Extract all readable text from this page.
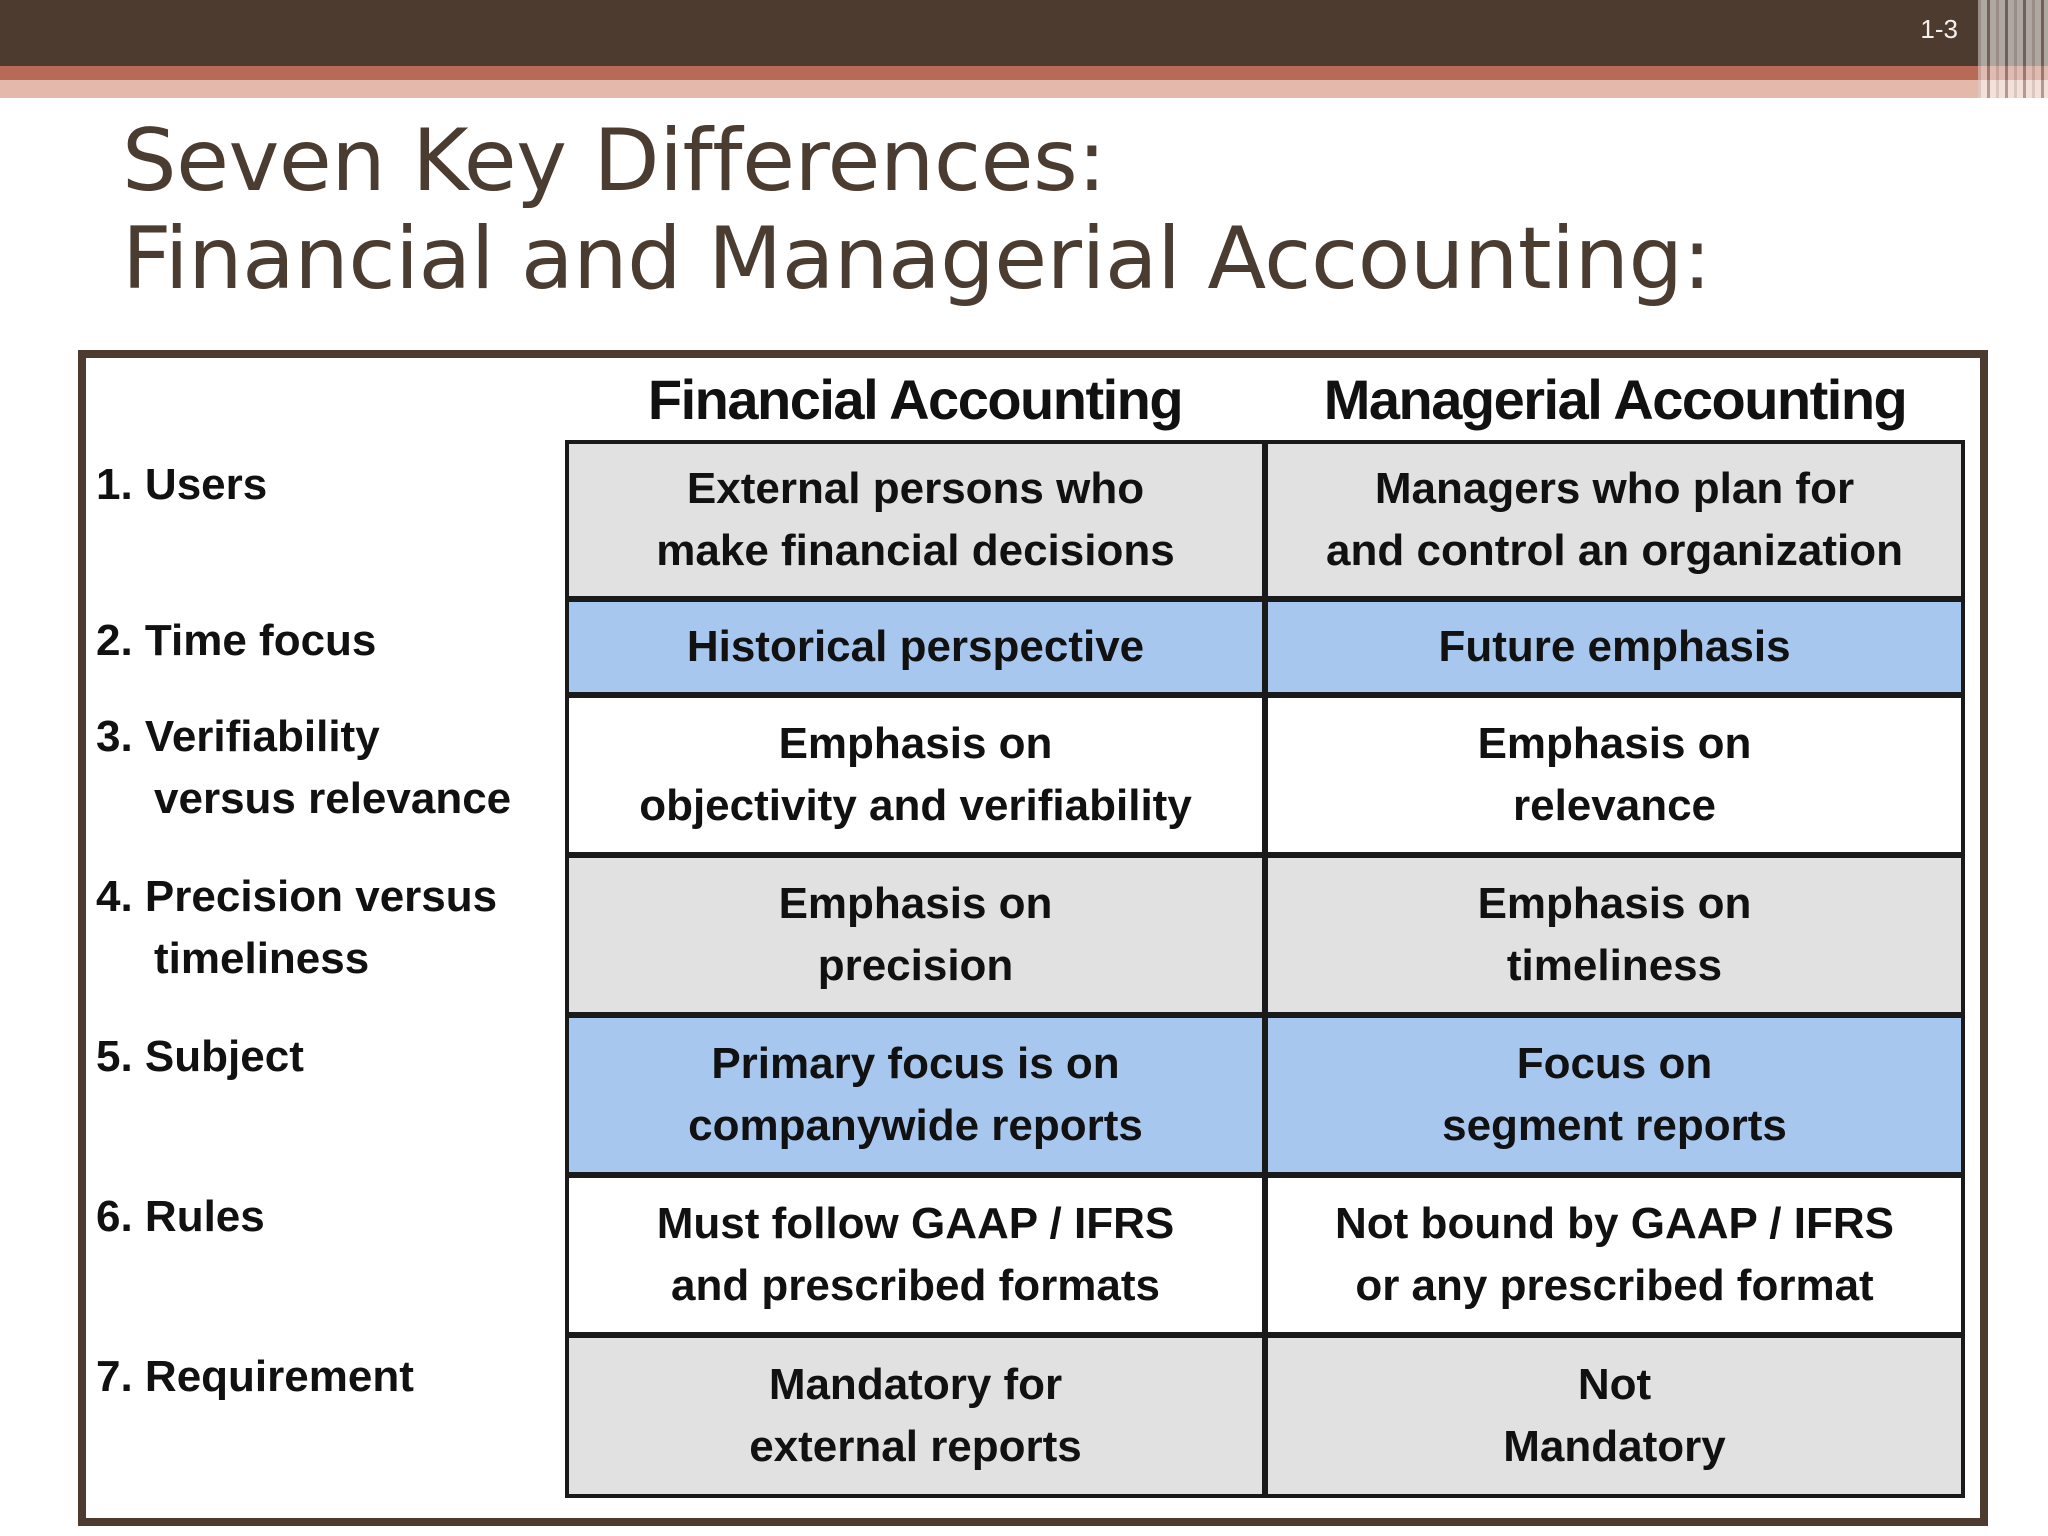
1-3
Seven Key Differences:
Financial and Managerial Accounting:
Financial Accounting	Managerial Accounting
1. Users
2. Time focus
3. Verifiability
versus relevance
4. Precision versus
timeliness
5. Subject
6. Rules
7. Requirement
External persons who
make financial decisions
Managers who plan for
and control an organization
Historical perspective	Future emphasis
Emphasis on
objectivity and verifiability
Emphasis on
relevance
Emphasis on
precision
Emphasis on
timeliness
Primary focus is on
companywide reports
Focus on
segment reports
Must follow GAAP / IFRS
and prescribed formats
Not bound by GAAP / IFRS
or any prescribed format
Mandatory for
external reports
Not
Mandatory
